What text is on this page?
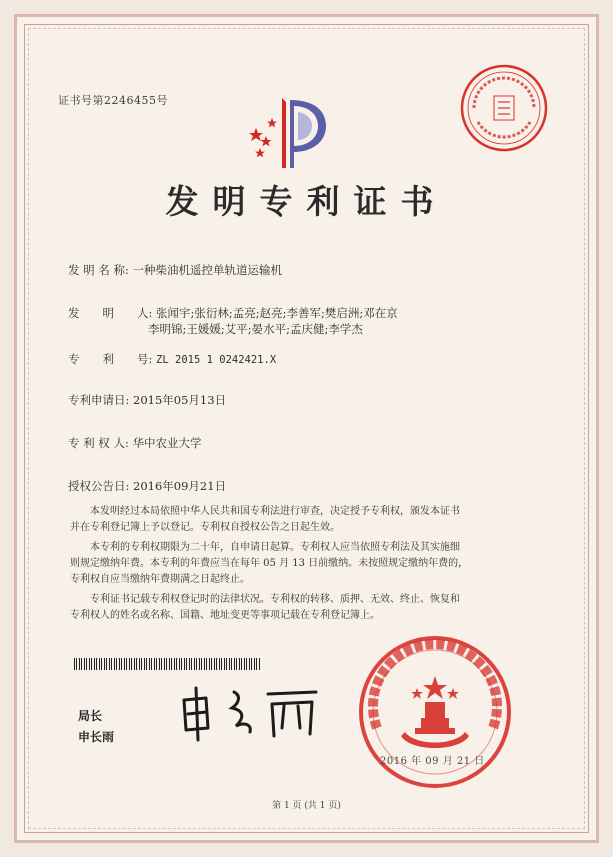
证书号第2246455号
发明专利证书
发 明 名 称: 一种柴油机遥控单轨道运输机
发　　明　　人: 张闻宇;张衍林;孟亮;赵亮;李善军;樊启洲;邓在京
李明锦;王媛媛;艾平;晏水平;孟庆健;李学杰
专　　利　　号: ZL 2015 1 0242421.X
专利申请日: 2015年05月13日
专 利 权 人: 华中农业大学
授权公告日: 2016年09月21日

本发明经过本局依照中华人民共和国专利法进行审查，决定授予专利权，颁发本证书

并在专利登记簿上予以登记。专利权自授权公告之日起生效。

本专利的专利权期限为二十年，自申请日起算。专利权人应当依照专利法及其实施细

则规定缴纳年费。本专利的年费应当在每年 05 月 13 日前缴纳。未按照规定缴纳年费的，
专利权自应当缴纳年费期满之日起终止。

专利证书记载专利权登记时的法律状况。专利权的转移、质押、无效、终止、恢复和

专利权人的姓名或名称、国籍、地址变更等事项记载在专利登记簿上。
局长
申长雨
2016 年 09 月 21 日
第 1 页 (共 1 页)
